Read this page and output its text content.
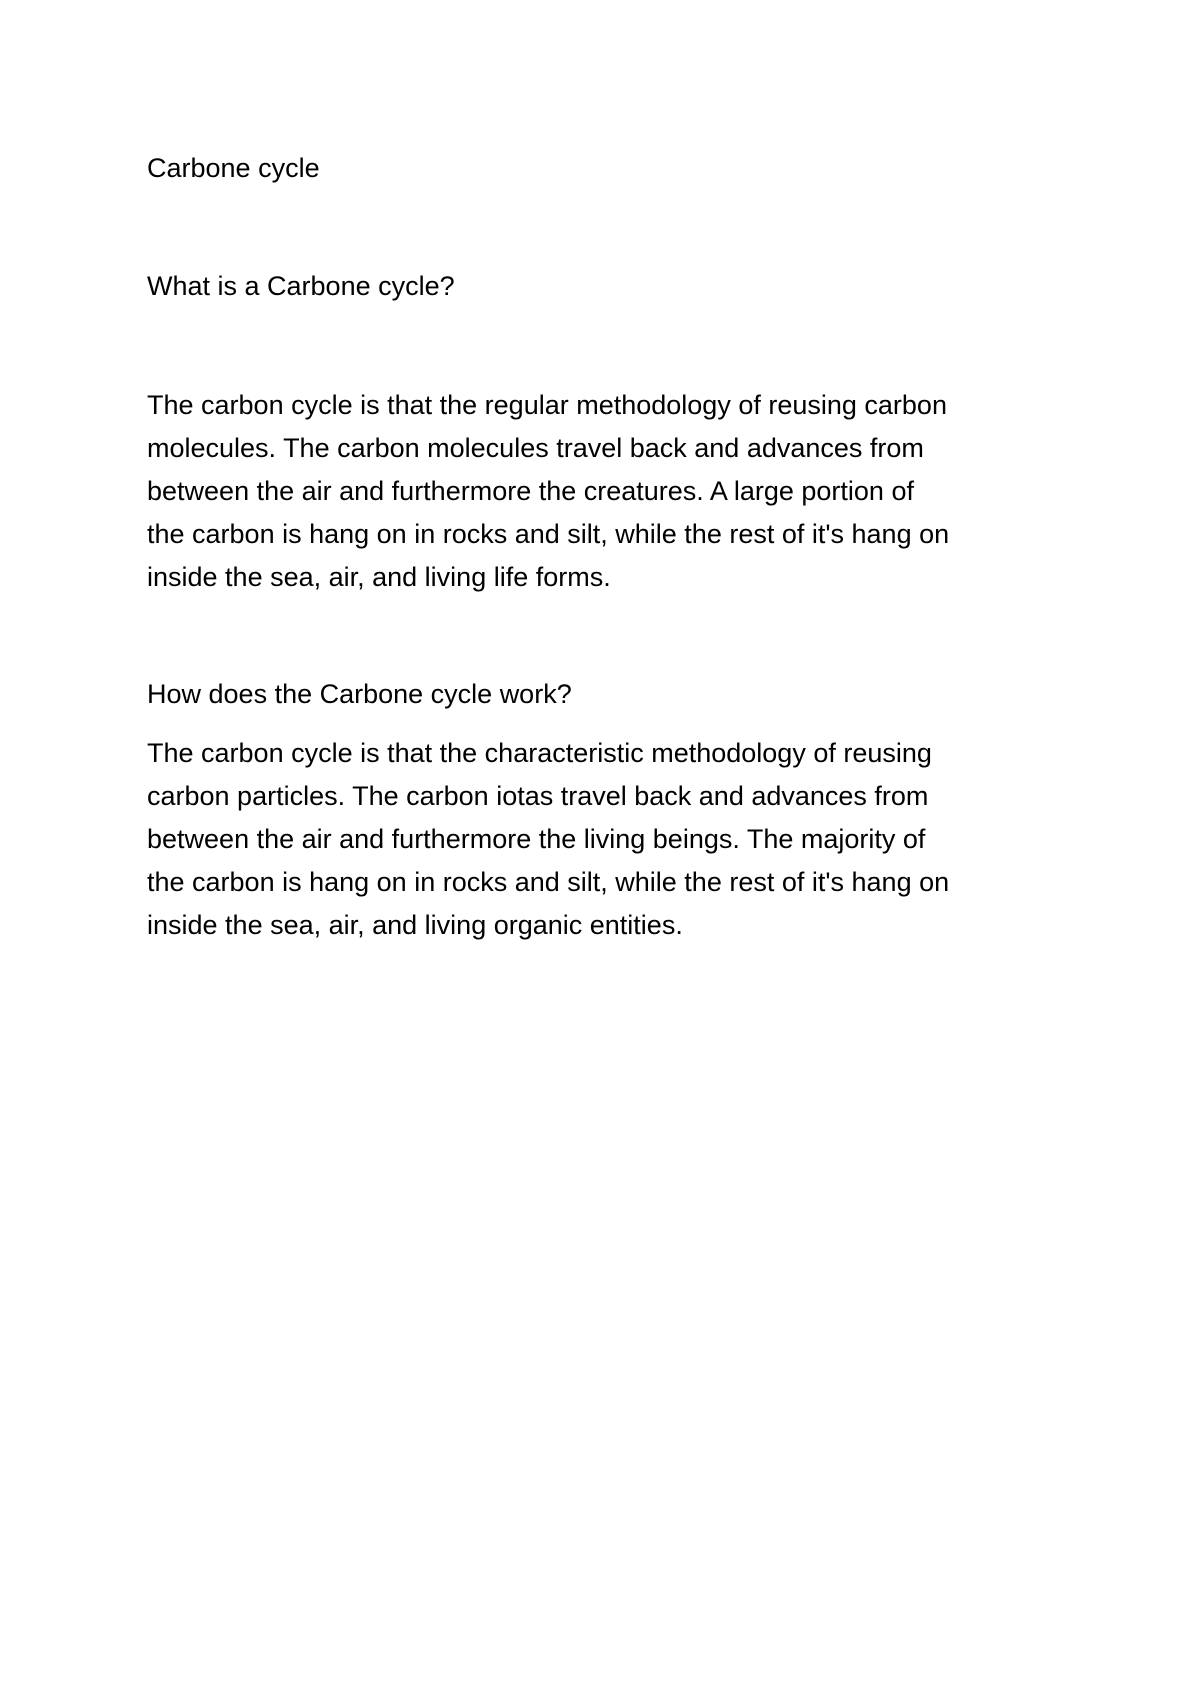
Carbone cycle
What is a Carbone cycle?

The carbon cycle is that the regular methodology of reusing carbon
molecules. The carbon molecules travel back and advances from
between the air and furthermore the creatures. A large portion of
the carbon is hang on in rocks and silt, while the rest of it's hang on
inside the sea, air, and living life forms.

How does the Carbone cycle work?

The carbon cycle is that the characteristic methodology of reusing
carbon particles. The carbon iotas travel back and advances from
between the air and furthermore the living beings. The majority of
the carbon is hang on in rocks and silt, while the rest of it's hang on
inside the sea, air, and living organic entities.
